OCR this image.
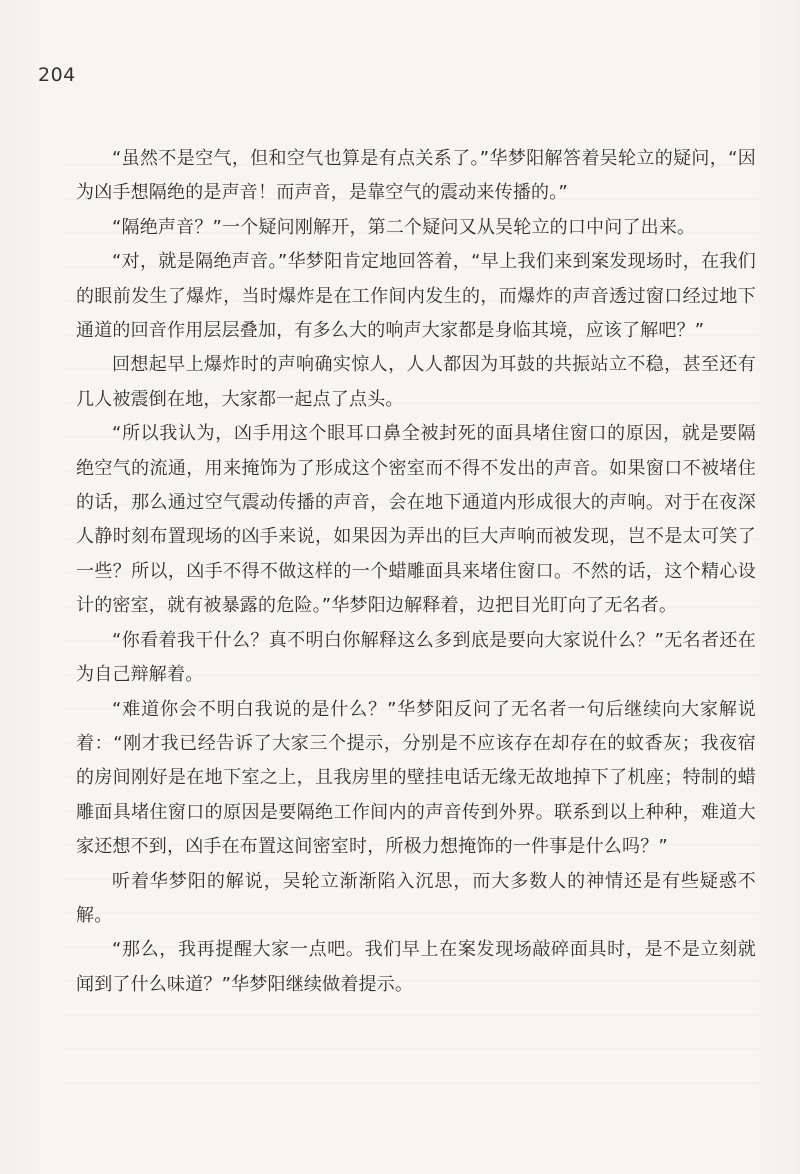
204

“虽然不是空气，但和空气也算是有点关系了。”华梦阳解答着吴轮立的疑问，“因为凶手想隔绝的是声音！而声音，是靠空气的震动来传播的。”

“隔绝声音？”一个疑问刚解开，第二个疑问又从吴轮立的口中问了出来。

“对，就是隔绝声音。”华梦阳肯定地回答着，“早上我们来到案发现场时，在我们的眼前发生了爆炸，当时爆炸是在工作间内发生的，而爆炸的声音透过窗口经过地下通道的回音作用层层叠加，有多么大的响声大家都是身临其境，应该了解吧？”

回想起早上爆炸时的声响确实惊人，人人都因为耳鼓的共振站立不稳，甚至还有几人被震倒在地，大家都一起点了点头。

“所以我认为，凶手用这个眼耳口鼻全被封死的面具堵住窗口的原因，就是要隔绝空气的流通，用来掩饰为了形成这个密室而不得不发出的声音。如果窗口不被堵住的话，那么通过空气震动传播的声音，会在地下通道内形成很大的声响。对于在夜深人静时刻布置现场的凶手来说，如果因为弄出的巨大声响而被发现，岂不是太可笑了一些？所以，凶手不得不做这样的一个蜡雕面具来堵住窗口。不然的话，这个精心设计的密室，就有被暴露的危险。”华梦阳边解释着，边把目光盯向了无名者。

“你看着我干什么？真不明白你解释这么多到底是要向大家说什么？”无名者还在为自己辩解着。

“难道你会不明白我说的是什么？”华梦阳反问了无名者一句后继续向大家解说着：“刚才我已经告诉了大家三个提示，分别是不应该存在却存在的蚊香灰；我夜宿的房间刚好是在地下室之上，且我房里的壁挂电话无缘无故地掉下了机座；特制的蜡雕面具堵住窗口的原因是要隔绝工作间内的声音传到外界。联系到以上种种，难道大家还想不到，凶手在布置这间密室时，所极力想掩饰的一件事是什么吗？”

听着华梦阳的解说，吴轮立渐渐陷入沉思，而大多数人的神情还是有些疑惑不解。

“那么，我再提醒大家一点吧。我们早上在案发现场敲碎面具时，是不是立刻就闻到了什么味道？”华梦阳继续做着提示。
